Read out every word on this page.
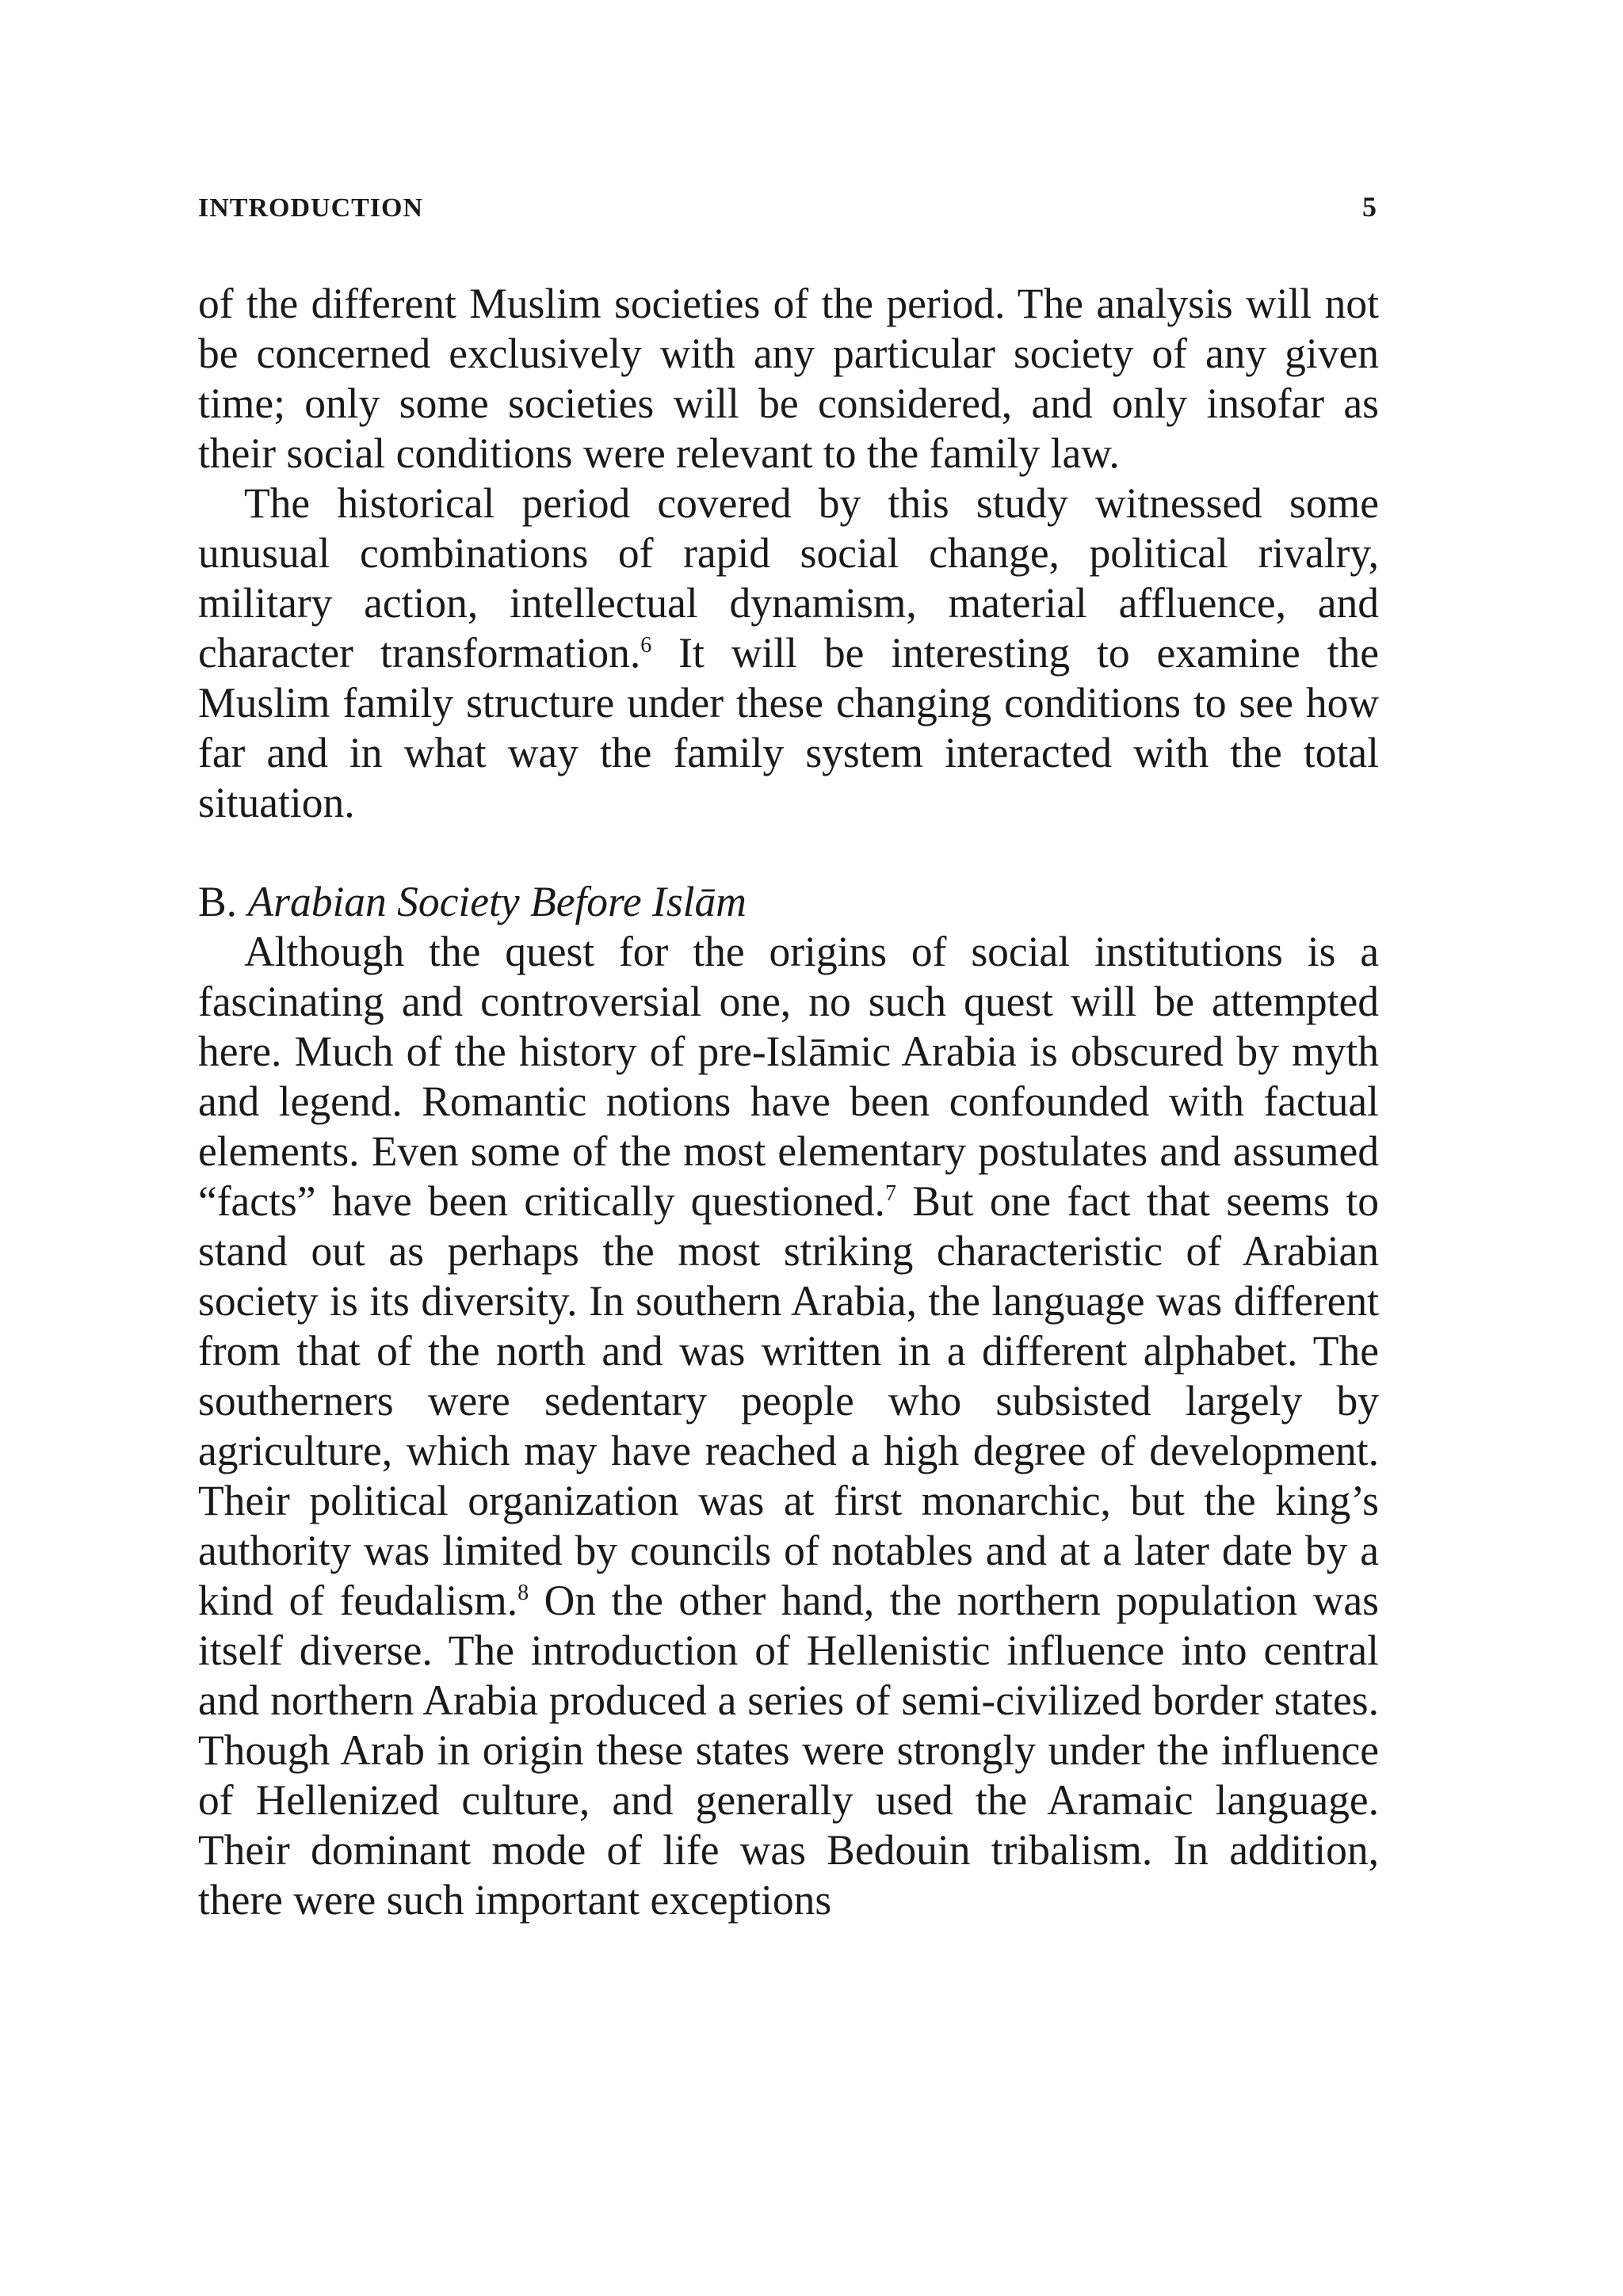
INTRODUCTION	5

of the different Muslim societies of the period. The analysis will not be concerned exclusively with any particular society of any given time; only some societies will be considered, and only insofar as their social conditions were relevant to the family law.

The historical period covered by this study witnessed some unusual combinations of rapid social change, political rivalry, military action, intellectual dynamism, material affluence, and character transformation.$^6$ It will be interesting to examine the Muslim family structure under these changing conditions to see how far and in what way the family system interacted with the total situation.

B. Arabian Society Before Islām

Although the quest for the origins of social institutions is a fascinating and controversial one, no such quest will be attempted here. Much of the history of pre-Islāmic Arabia is obscured by myth and legend. Romantic notions have been confounded with factual elements. Even some of the most elementary postulates and assumed “facts” have been critically questioned.$^7$ But one fact that seems to stand out as perhaps the most striking characteristic of Arabian society is its diversity. In southern Arabia, the language was different from that of the north and was written in a different alphabet. The southerners were sedentary people who subsisted largely by agriculture, which may have reached a high degree of development. Their political organization was at first monarchic, but the king’s authority was limited by councils of notables and at a later date by a kind of feudalism.$^8$ On the other hand, the northern population was itself diverse. The introduction of Hellenistic influence into central and northern Arabia produced a series of semi-civilized border states. Though Arab in origin these states were strongly under the influence of Hellenized culture, and generally used the Aramaic language. Their dominant mode of life was Bedouin tribalism. In addition, there were such important exceptions
